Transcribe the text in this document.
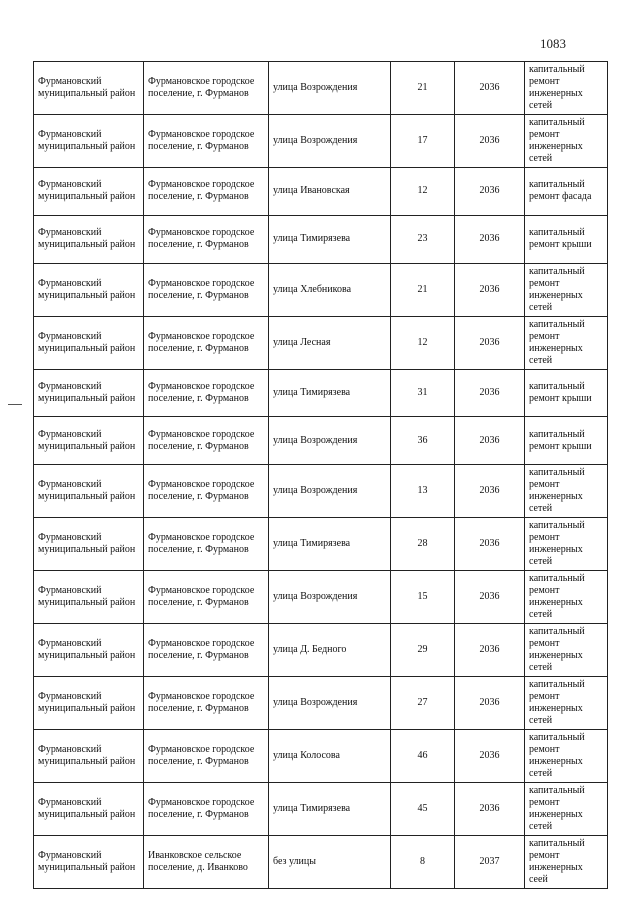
1083
Фурмановский муниципальный район	Фурмановское городское поселение, г. Фурманов	улица Возрождения	21	2036	капитальный ремонт инженерных сетей
Фурмановский муниципальный район	Фурмановское городское поселение, г. Фурманов	улица Возрождения	17	2036	капитальный ремонт инженерных сетей
Фурмановский муниципальный район	Фурмановское городское поселение, г. Фурманов	улица Ивановская	12	2036	капитальный ремонт фасада
Фурмановский муниципальный район	Фурмановское городское поселение, г. Фурманов	улица Тимирязева	23	2036	капитальный ремонт крыши
Фурмановский муниципальный район	Фурмановское городское поселение, г. Фурманов	улица Хлебникова	21	2036	капитальный ремонт инженерных сетей
Фурмановский муниципальный район	Фурмановское городское поселение, г. Фурманов	улица Лесная	12	2036	капитальный ремонт инженерных сетей
Фурмановский муниципальный район	Фурмановское городское поселение, г. Фурманов	улица Тимирязева	31	2036	капитальный ремонт крыши
Фурмановский муниципальный район	Фурмановское городское поселение, г. Фурманов	улица Возрождения	36	2036	капитальный ремонт крыши
Фурмановский муниципальный район	Фурмановское городское поселение, г. Фурманов	улица Возрождения	13	2036	капитальный ремонт инженерных сетей
Фурмановский муниципальный район	Фурмановское городское поселение, г. Фурманов	улица Тимирязева	28	2036	капитальный ремонт инженерных сетей
Фурмановский муниципальный район	Фурмановское городское поселение, г. Фурманов	улица Возрождения	15	2036	капитальный ремонт инженерных сетей
Фурмановский муниципальный район	Фурмановское городское поселение, г. Фурманов	улица Д. Бедного	29	2036	капитальный ремонт инженерных сетей
Фурмановский муниципальный район	Фурмановское городское поселение, г. Фурманов	улица Возрождения	27	2036	капитальный ремонт инженерных сетей
Фурмановский муниципальный район	Фурмановское городское поселение, г. Фурманов	улица Колосова	46	2036	капитальный ремонт инженерных сетей
Фурмановский муниципальный район	Фурмановское городское поселение, г. Фурманов	улица Тимирязева	45	2036	капитальный ремонт инженерных сетей
Фурмановский муниципальный район	Иванковское сельское поселение, д. Иванково	без улицы	8	2037	капитальный ремонт инженерных сеей
